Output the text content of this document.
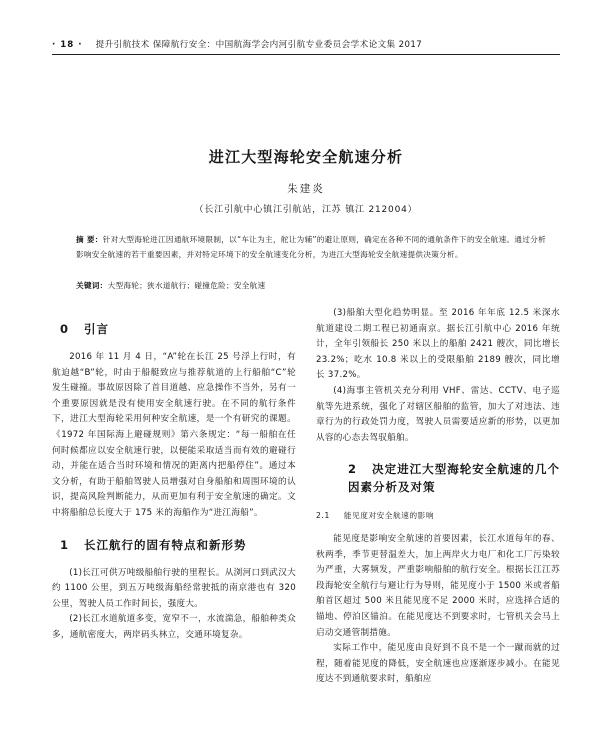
· 18 · 提升引航技术 保障航行安全：中国航海学会内河引航专业委员会学术论文集 2017
进江大型海轮安全航速分析
朱建炎
（长江引航中心镇江引航站，江苏 镇江 212004）
摘 要：针对大型海轮进江因通航环境限制，以“车让为主，舵让为辅”的避让原则，确定在各种不同的通航条件下的安全航速。通过分析影响安全航速的若干重要因素，并对特定环境下的安全航速变化分析，为进江大型海轮安全航速提供决策分析。
关键词：大型海轮；狭水道航行；碰撞危险；安全航速
0 引言

2016 年 11 月 4 日，“A”轮在长江 25 号浮上行时，有航迫越“B”轮，时由于船艇致应与推荐航道的上行船舶“C”轮发生碰撞。事故原因除了首目道越、应急操作不当外，另有一个重要原因就是没有使用安全航速行驶。在不同的航行条件下，进江大型海轮采用何种安全航速，是一个有研究的课题。《1972 年国际海上避碰规则》第六条规定：“每一船舶在任何时候都应以安全航速行驶，以便能采取适当而有效的避碰行动，并能在适合当时环境和情况的距离内把船停住”。通过本文分析，有助于船舶驾驶人员增强对自身船舶和周围环境的认识，提高风险判断能力，从而更加有利于安全航速的确定。文中将船舶总长度大于 175 米的海船作为“进江海船”。

1 长江航行的固有特点和新形势

(1)长江可供万吨级船舶行驶的里程长。从浏河口到武汉大约 1100 公里，到五万吨级海船经常驶抵的南京港也有 320 公里，驾驶人员工作时间长，强度大。

(2)长江水道航道多变，宽窄不一，水流湍急，船舶种类众多，通航密度大，两岸码头林立，交通环境复杂。

(3)船舶大型化趋势明显。至 2016 年年底 12.5 米深水航道建设二期工程已初通南京。据长江引航中心 2016 年统计，全年引领船长 250 米以上的船舶 2421 艘次，同比增长 23.2%；吃水 10.8 米以上的受限船舶 2189 艘次，同比增长 37.2%。

(4)海事主管机关充分利用 VHF、雷达、CCTV、电子巡航等先进系统，强化了对辖区船舶的监管，加大了对违法、违章行为的行政处罚力度，驾驶人员需要适应新的形势，以更加从容的心态去驾驭船舶。

2 决定进江大型海轮安全航速的几个因素分析及对策
2.1 能见度对安全航速的影响

能见度是影响安全航速的首要因素，长江水道每年的春、秋两季，季节更替温差大，加上两岸火力电厂和化工厂污染较为严重，大雾频发，严重影响船舶的航行安全。根据长江江苏段海轮安全航行与避让行为导则，能见度小于 1500 米或者船舶首区超过 500 米且能见度不足 2000 米时，应选择合适的锚地、停泊区锚泊。在能见度达不到要求时，七管机关会马上启动交通管制措施。

实际工作中，能见度由良好到不良不是一个一蹴而就的过程，随着能见度的降低，安全航速也应逐渐逐步减小。在能见度达不到通航要求时，船舶应
